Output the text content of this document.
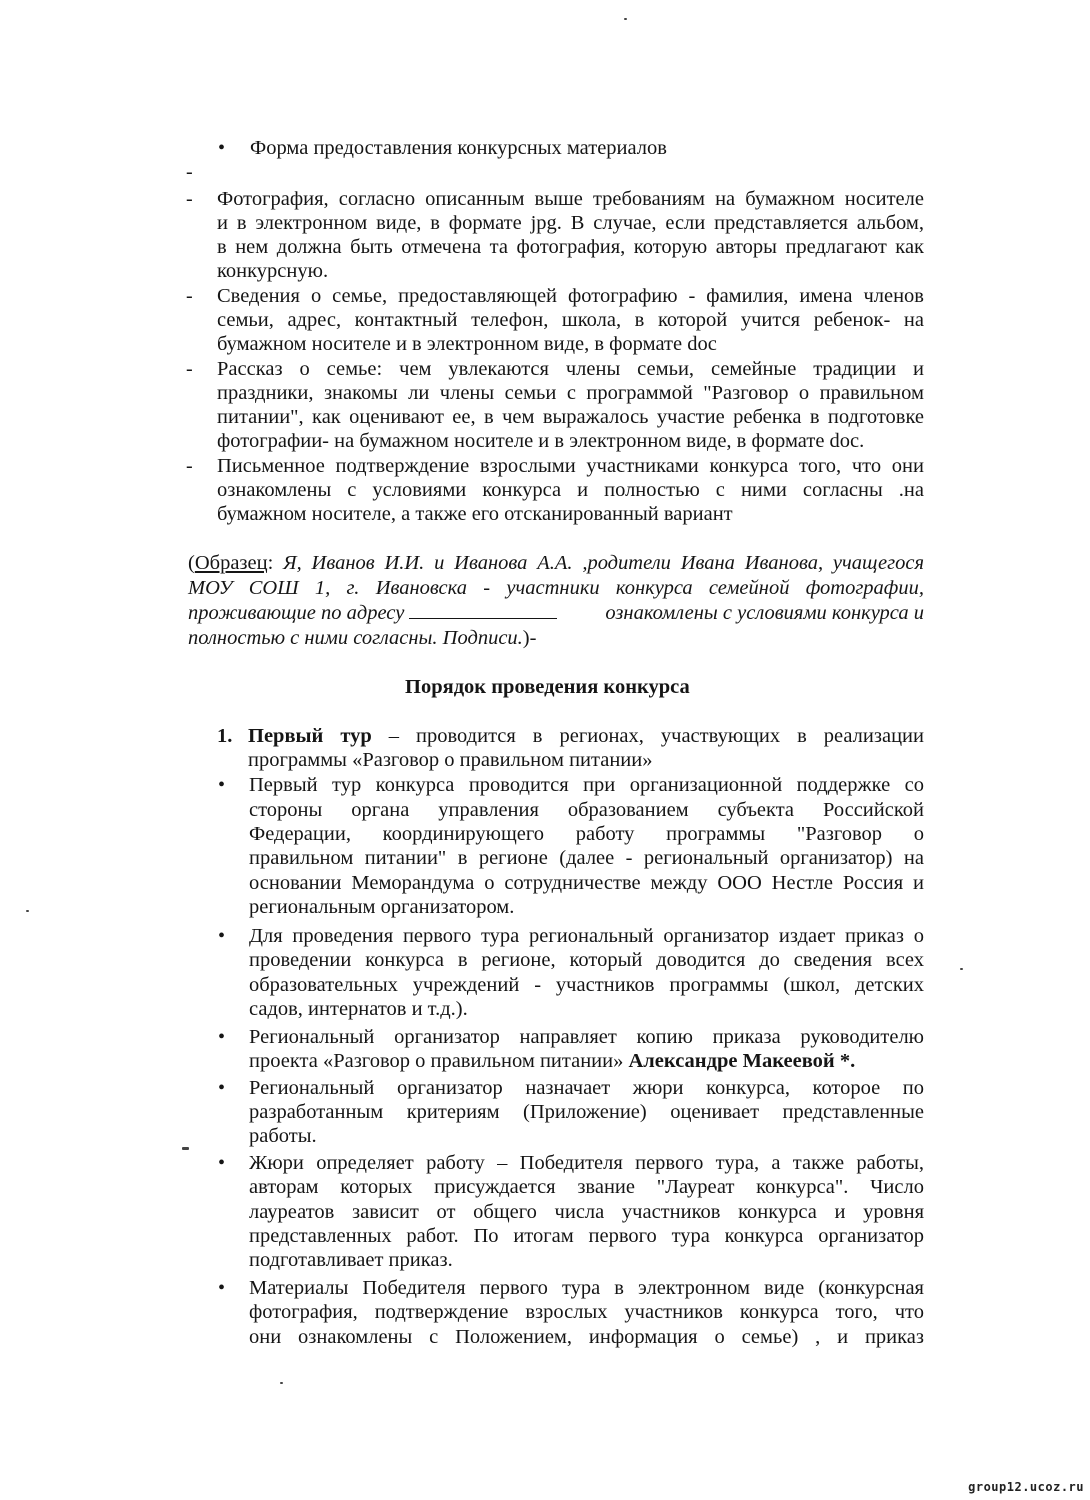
• Форма предоставления конкурсных материалов
-
- Фотография, согласно описанным выше требованиям на бумажном носителе
и в электронном виде, в формате jpg. В случае, если представляется альбом,
в нем должна быть отмечена та фотография, которую авторы предлагают как
конкурсную.
- Сведения о семье, предоставляющей фотографию - фамилия, имена членов
семьи, адрес, контактный телефон, школа, в которой учится ребенок- на
бумажном носителе и в электронном виде, в формате doc
- Рассказ о семье: чем увлекаются члены семьи, семейные традиции и
праздники, знакомы ли члены семьи с программой "Разговор о правильном
питании", как оценивают ее, в чем выражалось участие ребенка в подготовке
фотографии- на бумажном носителе и в электронном виде, в формате doc.
- Письменное подтверждение взрослыми участниками конкурса того, что они
ознакомлены с условиями конкурса и полностью с ними согласны .на
бумажном носителе, а также его отсканированный вариант
(Образец: Я, Иванов И.И. и Иванова А.А. ,родители Ивана Иванова, учащегося
МОУ СОШ 1, г. Ивановска - участники конкурса семейной фотографии,
проживающие по адресу	ознакомлены с условиями конкурса и
полностью с ними согласны. Подписи.)-
Порядок проведения конкурса
1. Первый тур – проводится в регионах, участвующих в реализации
программы «Разговор о правильном питании»
• Первый тур конкурса проводится при организационной поддержке со
стороны органа управления образованием субъекта Российской
Федерации, координирующего работу программы "Разговор о
правильном питании" в регионе (далее - региональный организатор) на
основании Меморандума о сотрудничестве между ООО Нестле Россия и
региональным организатором.
• Для проведения первого тура региональный организатор издает приказ о
проведении конкурса в регионе, который доводится до сведения всех
образовательных учреждений - участников программы (школ, детских
садов, интернатов и т.д.).
• Региональный организатор направляет копию приказа руководителю
проекта «Разговор о правильном питании» Александре Макеевой *.
• Региональный организатор назначает жюри конкурса, которое по
разработанным критериям (Приложение) оценивает представленные
работы.
• Жюри определяет работу – Победителя первого тура, а также работы,
авторам которых присуждается звание "Лауреат конкурса". Число
лауреатов зависит от общего числа участников конкурса и уровня
представленных работ. По итогам первого тура конкурса организатор
подготавливает приказ.
• Материалы Победителя первого тура в электронном виде (конкурсная
фотография, подтверждение взрослых участников конкурса того, что
они ознакомлены с Положением, информация о семье) , и приказ
group12.ucoz.ru
